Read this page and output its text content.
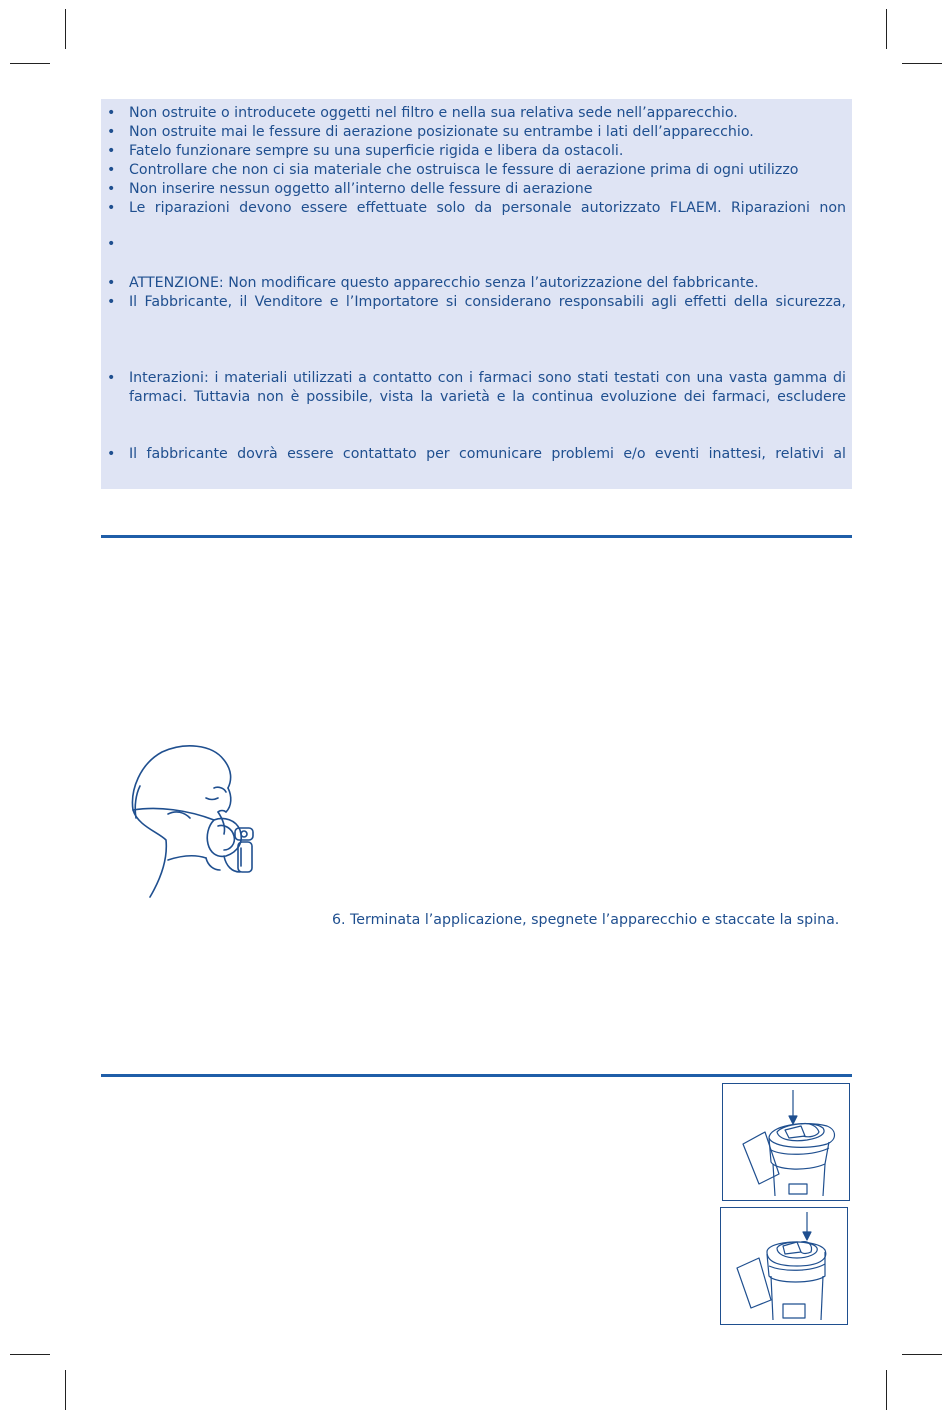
• Non ostruite o introducete oggetti nel filtro e nella sua relativa sede nell’apparecchio.
• Non ostruite mai le fessure di aerazione posizionate su entrambe i lati dell’apparecchio.
• Fatelo funzionare sempre su una superficie rigida e libera da ostacoli.
• Controllare che non ci sia materiale che ostruisca le fessure di aerazione prima di ogni utilizzo
• Non inserire nessun oggetto all’interno delle fessure di aerazione
• Le riparazioni devono essere effettuate solo da personale autorizzato FLAEM. Riparazioni non
•
• ATTENZIONE: Non modificare questo apparecchio senza l’autorizzazione del fabbricante.
• Il Fabbricante, il Venditore e l’Importatore si considerano responsabili agli effetti della sicurezza,
• Interazioni: i materiali utilizzati a contatto con i farmaci sono stati testati con una vasta gamma di farmaci. Tuttavia non è possibile, vista la varietà e la continua evoluzione dei farmaci, escludere
• Il fabbricante dovrà essere contattato per comunicare problemi e/o eventi inattesi, relativi al
6. Terminata l’applicazione, spegnete l’apparecchio e staccate la spina.
